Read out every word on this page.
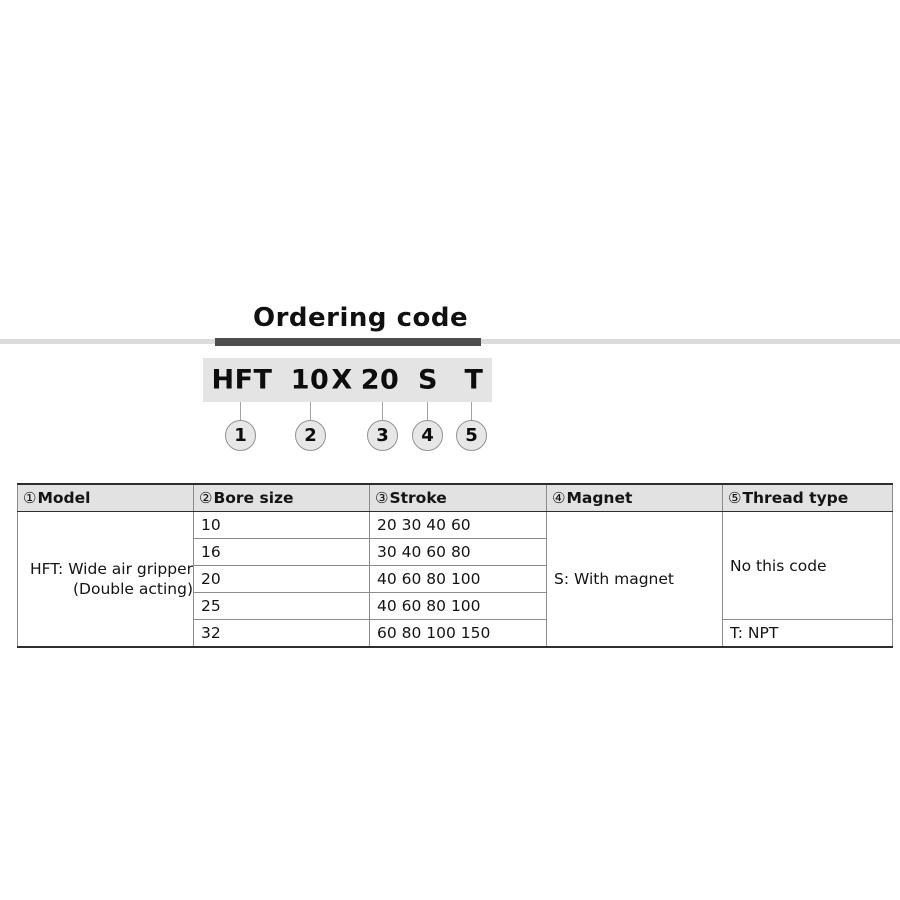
Ordering code
HFT 10 X 20 S T
1	2	3	4	5
①Model	②Bore size	③Stroke	④Magnet	⑤Thread type

HFT: Wide air gripper
(Double acting)	10	20 30 40 60	S: With magnet	No this code
	16	30 40 60 80		
	20	40 60 80 100		
	25	40 60 80 100		
	32	60 80 100 150		T: NPT
